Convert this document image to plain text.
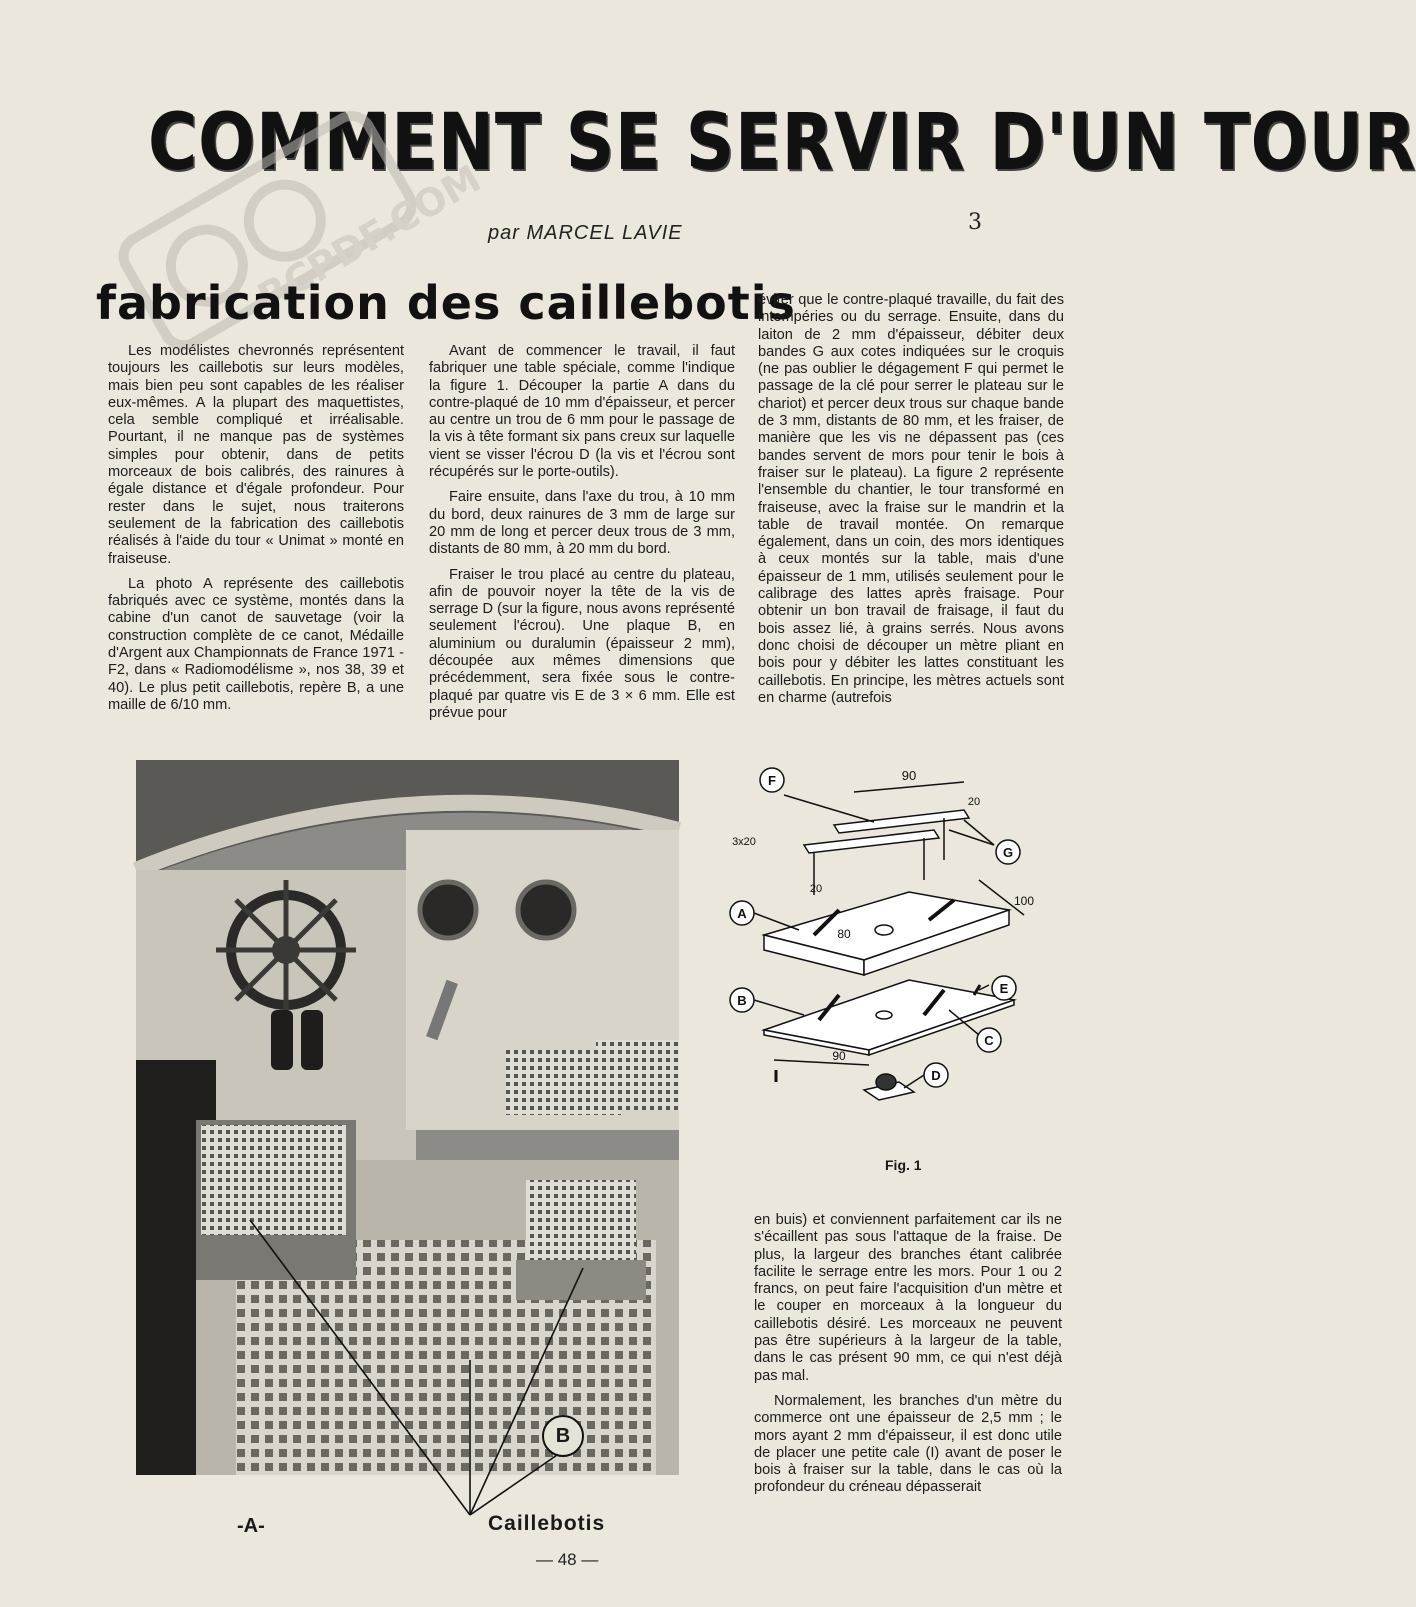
COMMENT SE SERVIR D'UN TOUR
RCPDF.COM par MARCEL LAVIE	3
fabrication des caillebotis

Les modélistes chevronnés représentent toujours les caillebotis sur leurs modèles, mais bien peu sont capables de les réaliser eux-mêmes. A la plupart des maquettistes, cela semble compliqué et irréalisable. Pourtant, il ne manque pas de systèmes simples pour obtenir, dans de petits morceaux de bois calibrés, des rainures à égale distance et d'égale profondeur. Pour rester dans le sujet, nous traiterons seulement de la fabrication des caillebotis réalisés à l'aide du tour « Unimat » monté en fraiseuse.

La photo A représente des caillebotis fabriqués avec ce système, montés dans la cabine d'un canot de sauvetage (voir la construction complète de ce canot, Médaille d'Argent aux Championnats de France 1971 - F2, dans « Radiomodélisme », nos 38, 39 et 40). Le plus petit caillebotis, repère B, a une maille de 6/10 mm.

Avant de commencer le travail, il faut fabriquer une table spéciale, comme l'indique la figure 1. Découper la partie A dans du contre-plaqué de 10 mm d'épaisseur, et percer au centre un trou de 6 mm pour le passage de la vis à tête formant six pans creux sur laquelle vient se visser l'écrou D (la vis et l'écrou sont récupérés sur le porte-outils).

Faire ensuite, dans l'axe du trou, à 10 mm du bord, deux rainures de 3 mm de large sur 20 mm de long et percer deux trous de 3 mm, distants de 80 mm, à 20 mm du bord.

Fraiser le trou placé au centre du plateau, afin de pouvoir noyer la tête de la vis de serrage D (sur la figure, nous avons représenté seulement l'écrou). Une plaque B, en aluminium ou duralumin (épaisseur 2 mm), découpée aux mêmes dimensions que précédemment, sera fixée sous le contre-plaqué par quatre vis E de 3 × 6 mm. Elle est prévue pour

éviter que le contre-plaqué travaille, du fait des intempéries ou du serrage. Ensuite, dans du laiton de 2 mm d'épaisseur, débiter deux bandes G aux cotes indiquées sur le croquis (ne pas oublier le dégagement F qui permet le passage de la clé pour serrer le plateau sur le chariot) et percer deux trous sur chaque bande de 3 mm, distants de 80 mm, et les fraiser, de manière que les vis ne dépassent pas (ces bandes servent de mors pour tenir le bois à fraiser sur le plateau). La figure 2 représente l'ensemble du chantier, le tour transformé en fraiseuse, avec la fraise sur le mandrin et la table de travail montée. On remarque également, dans un coin, des mors identiques à ceux montés sur la table, mais d'une épaisseur de 1 mm, utilisés seulement pour le calibrage des lattes après fraisage. Pour obtenir un bon travail de fraisage, il faut du bois assez lié, à grains serrés. Nous avons donc choisi de découper un mètre pliant en bois pour y débiter les lattes constituant les caillebotis. En principe, les mètres actuels sont en charme (autrefois

en buis) et conviennent parfaitement car ils ne s'écaillent pas sous l'attaque de la fraise. De plus, la largeur des branches étant calibrée facilite le serrage entre les mors. Pour 1 ou 2 francs, on peut faire l'acquisition d'un mètre et le couper en morceaux à la longueur du caillebotis désiré. Les morceaux ne peuvent pas être supérieurs à la largeur de la table, dans le cas présent 90 mm, ce qui n'est déjà pas mal.

Normalement, les branches d'un mètre du commerce ont une épaisseur de 2,5 mm ; le mors ayant 2 mm d'épaisseur, il est donc utile de placer une petite cale (I) avant de poser le bois à fraiser sur la table, dans le cas où la profondeur du créneau dépasserait

B
-A-	Caillebotis
F
G
A
B
C
E
D
90
20
3x20
20
80
100
90
Fig. 1
— 48 —
